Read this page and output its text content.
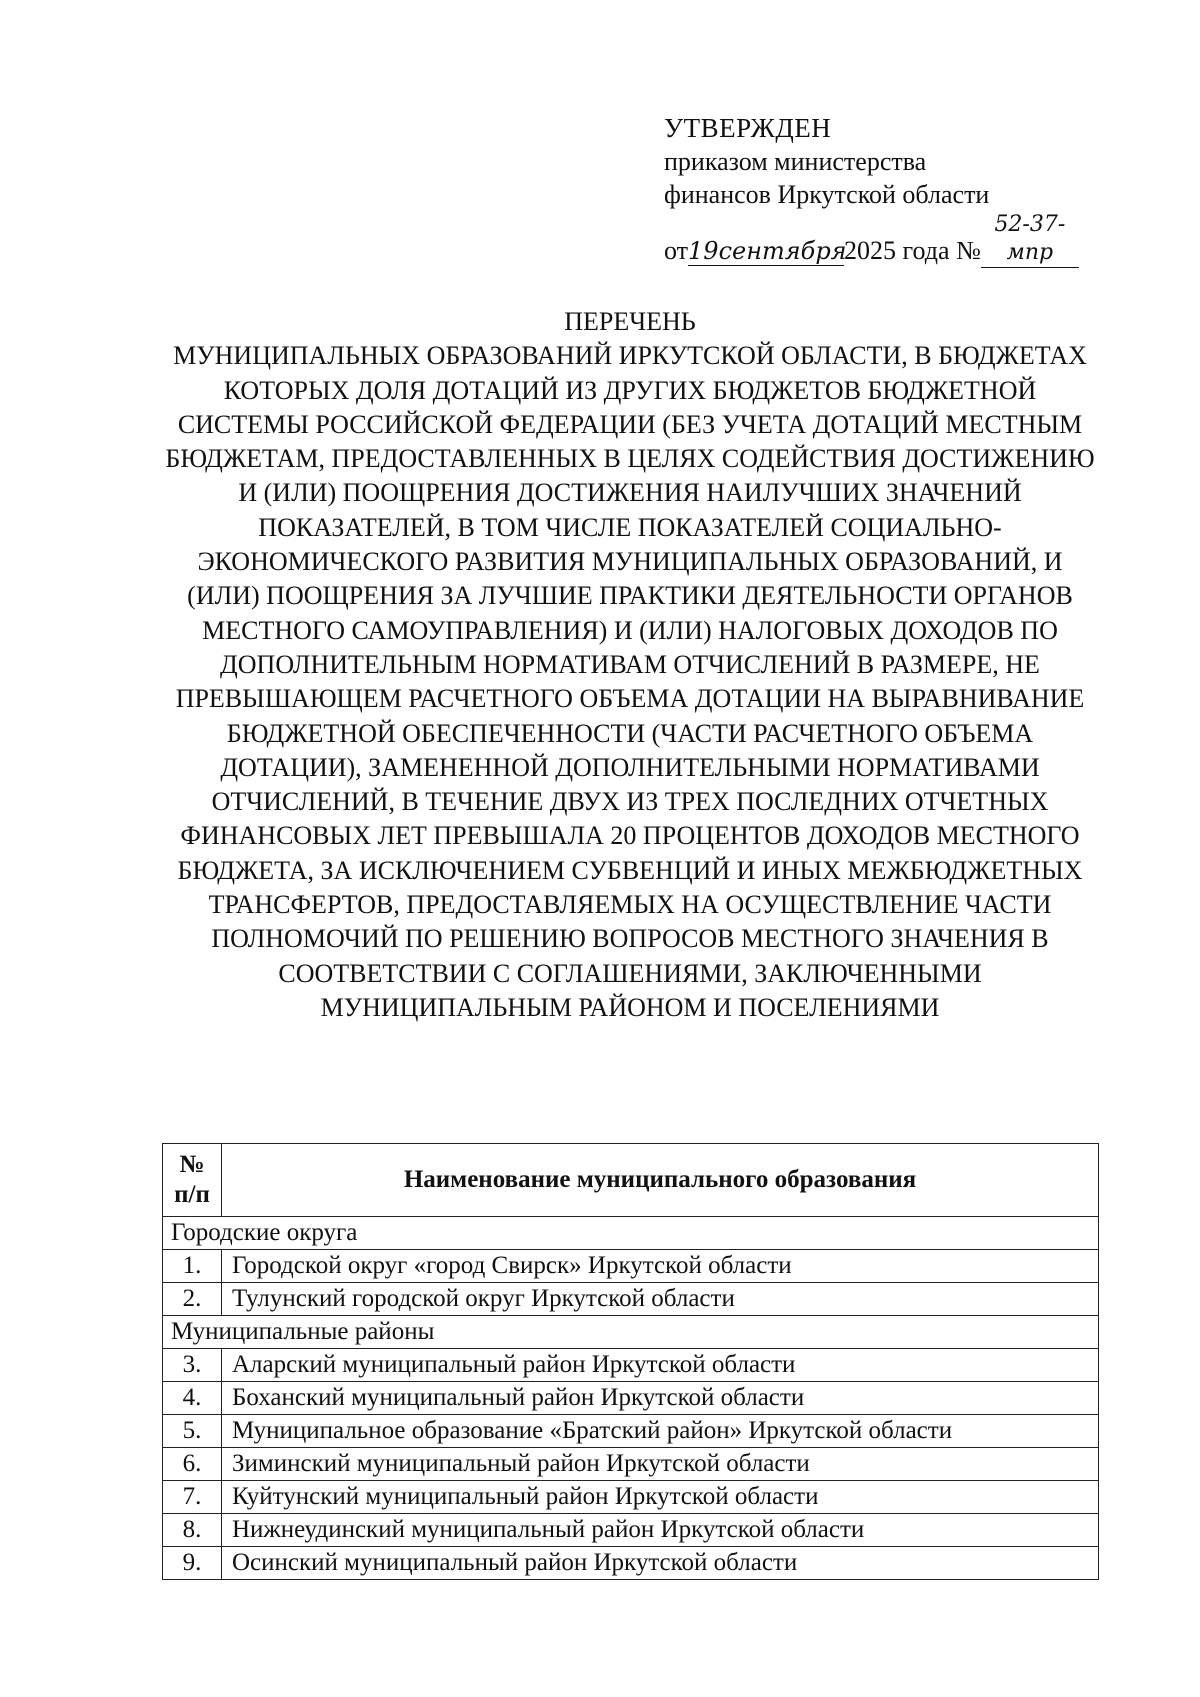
УТВЕРЖДЕН
приказом министерства
финансов Иркутской области
от19сентября2025 года №52-37-мпр
ПЕРЕЧЕНЬ
МУНИЦИПАЛЬНЫХ ОБРАЗОВАНИЙ ИРКУТСКОЙ ОБЛАСТИ, В БЮДЖЕТАХ КОТОРЫХ ДОЛЯ ДОТАЦИЙ ИЗ ДРУГИХ БЮДЖЕТОВ БЮДЖЕТНОЙ СИСТЕМЫ РОССИЙСКОЙ ФЕДЕРАЦИИ (БЕЗ УЧЕТА ДОТАЦИЙ МЕСТНЫМ БЮДЖЕТАМ, ПРЕДОСТАВЛЕННЫХ В ЦЕЛЯХ СОДЕЙСТВИЯ ДОСТИЖЕНИЮ И (ИЛИ) ПООЩРЕНИЯ ДОСТИЖЕНИЯ НАИЛУЧШИХ ЗНАЧЕНИЙ ПОКАЗАТЕЛЕЙ, В ТОМ ЧИСЛЕ ПОКАЗАТЕЛЕЙ СОЦИАЛЬНО-ЭКОНОМИЧЕСКОГО РАЗВИТИЯ МУНИЦИПАЛЬНЫХ ОБРАЗОВАНИЙ, И (ИЛИ) ПООЩРЕНИЯ ЗА ЛУЧШИЕ ПРАКТИКИ ДЕЯТЕЛЬНОСТИ ОРГАНОВ МЕСТНОГО САМОУПРАВЛЕНИЯ) И (ИЛИ) НАЛОГОВЫХ ДОХОДОВ ПО ДОПОЛНИТЕЛЬНЫМ НОРМАТИВАМ ОТЧИСЛЕНИЙ В РАЗМЕРЕ, НЕ ПРЕВЫШАЮЩЕМ РАСЧЕТНОГО ОБЪЕМА ДОТАЦИИ НА ВЫРАВНИВАНИЕ БЮДЖЕТНОЙ ОБЕСПЕЧЕННОСТИ (ЧАСТИ РАСЧЕТНОГО ОБЪЕМА ДОТАЦИИ), ЗАМЕНЕННОЙ ДОПОЛНИТЕЛЬНЫМИ НОРМАТИВАМИ ОТЧИСЛЕНИЙ, В ТЕЧЕНИЕ ДВУХ ИЗ ТРЕХ ПОСЛЕДНИХ ОТЧЕТНЫХ ФИНАНСОВЫХ ЛЕТ ПРЕВЫШАЛА 20 ПРОЦЕНТОВ ДОХОДОВ МЕСТНОГО БЮДЖЕТА, ЗА ИСКЛЮЧЕНИЕМ СУБВЕНЦИЙ И ИНЫХ МЕЖБЮДЖЕТНЫХ ТРАНСФЕРТОВ, ПРЕДОСТАВЛЯЕМЫХ НА ОСУЩЕСТВЛЕНИЕ ЧАСТИ ПОЛНОМОЧИЙ ПО РЕШЕНИЮ ВОПРОСОВ МЕСТНОГО ЗНАЧЕНИЯ В СООТВЕТСТВИИ С СОГЛАШЕНИЯМИ, ЗАКЛЮЧЕННЫМИ МУНИЦИПАЛЬНЫМ РАЙОНОМ И ПОСЕЛЕНИЯМИ
№
п/п	Наименование муниципального образования
Городские округа	
1.	Городской округ «город Свирск» Иркутской области
2.	Тулунский городской округ Иркутской области
Муниципальные районы	
3.	Аларский муниципальный район Иркутской области
4.	Боханский муниципальный район Иркутской области
5.	Муниципальное образование «Братский район» Иркутской области
6.	Зиминский муниципальный район Иркутской области
7.	Куйтунский муниципальный район Иркутской области
8.	Нижнеудинский муниципальный район Иркутской области
9.	Осинский муниципальный район Иркутской области
